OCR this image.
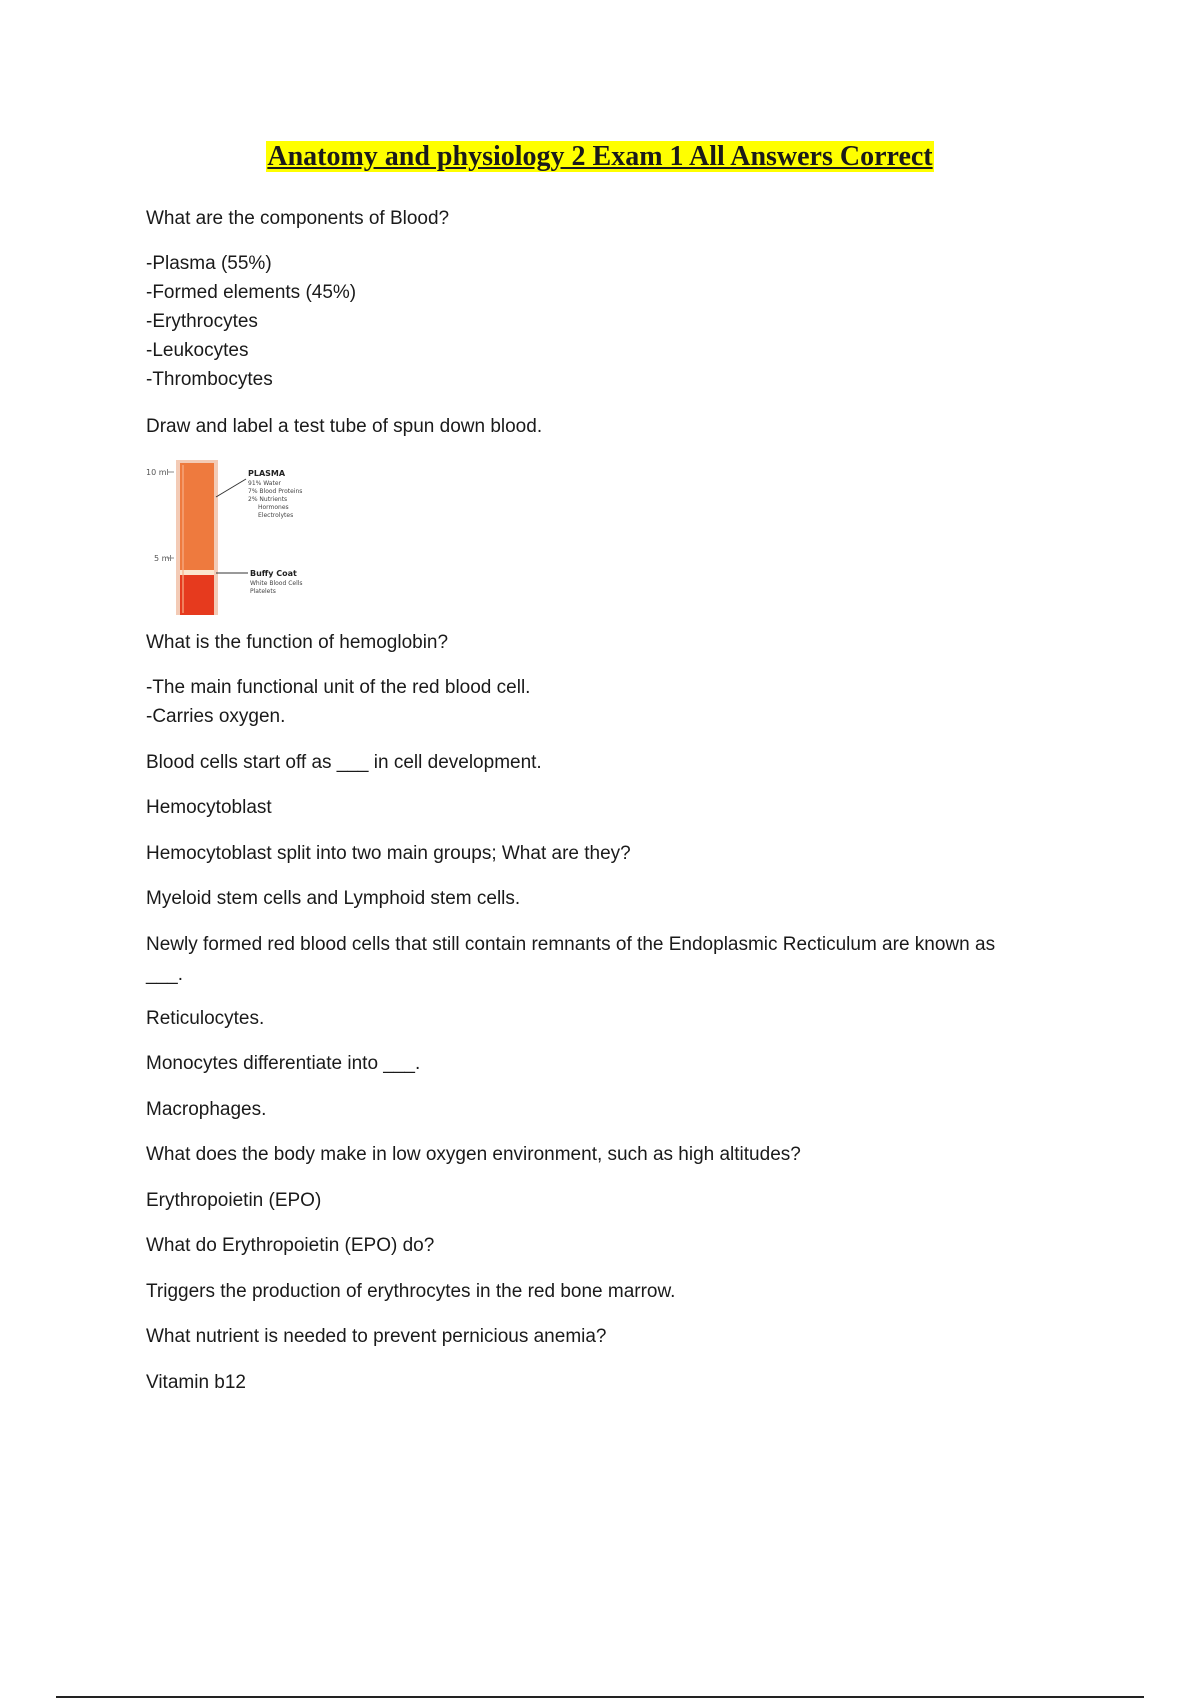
Anatomy and physiology 2 Exam 1 All Answers Correct
What are the components of Blood?
-Plasma (55%)
-Formed elements (45%)
-Erythrocytes
-Leukocytes
-Thrombocytes
Draw and label a test tube of spun down blood.
10 ml
5 ml
PLASMA
91% Water
7% Blood Proteins
2% Nutrients
Hormones
Electrolytes
Buffy Coat
White Blood Cells
Platelets
What is the function of hemoglobin?
-The main functional unit of the red blood cell.
-Carries oxygen.
Blood cells start off as ___ in cell development.
Hemocytoblast
Hemocytoblast split into two main groups; What are they?
Myeloid stem cells and Lymphoid stem cells.
Newly formed red blood cells that still contain remnants of the Endoplasmic Recticulum are known as
___.
Reticulocytes.
Monocytes differentiate into ___.
Macrophages.
What does the body make in low oxygen environment, such as high altitudes?
Erythropoietin (EPO)
What do Erythropoietin (EPO) do?
Triggers the production of erythrocytes in the red bone marrow.
What nutrient is needed to prevent pernicious anemia?
Vitamin b12
